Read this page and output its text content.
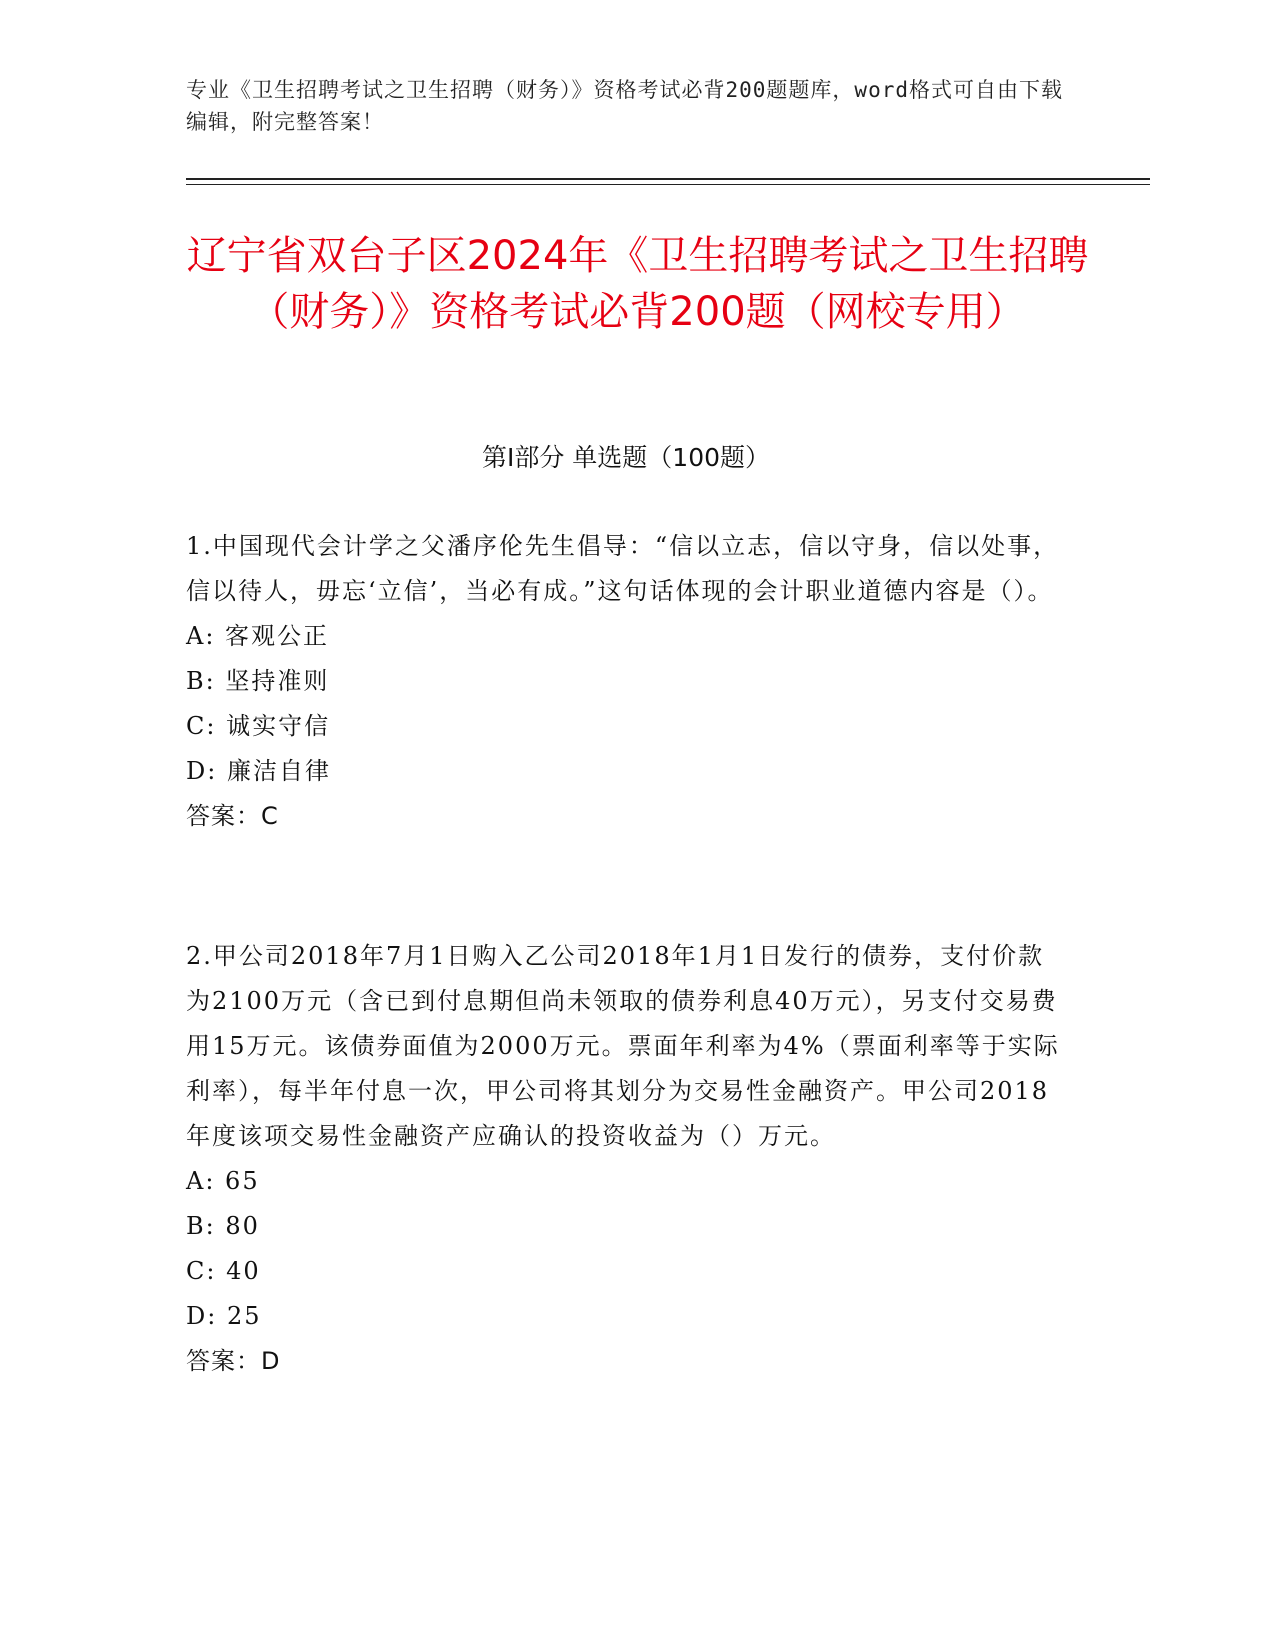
专业《卫生招聘考试之卫生招聘（财务）》资格考试必背200题题库，word格式可自由下载编辑，附完整答案！
辽宁省双台子区2024年《卫生招聘考试之卫生招聘（财务）》资格考试必背200题（网校专用）
第Ⅰ部分 单选题（100题）
1.中国现代会计学之父潘序伦先生倡导：“信以立志，信以守身，信以处事，信以待人，毋忘‘立信’，当必有成。”这句话体现的会计职业道德内容是（）。
A: 客观公正
B: 坚持准则
C: 诚实守信
D: 廉洁自律
答案：C
2.甲公司2018年7月1日购入乙公司2018年1月1日发行的债券，支付价款为2100万元（含已到付息期但尚未领取的债券利息40万元），另支付交易费用15万元。该债券面值为2000万元。票面年利率为4%（票面利率等于实际利率），每半年付息一次，甲公司将其划分为交易性金融资产。甲公司2018年度该项交易性金融资产应确认的投资收益为（）万元。
A: 65
B: 80
C: 40
D: 25
答案：D
